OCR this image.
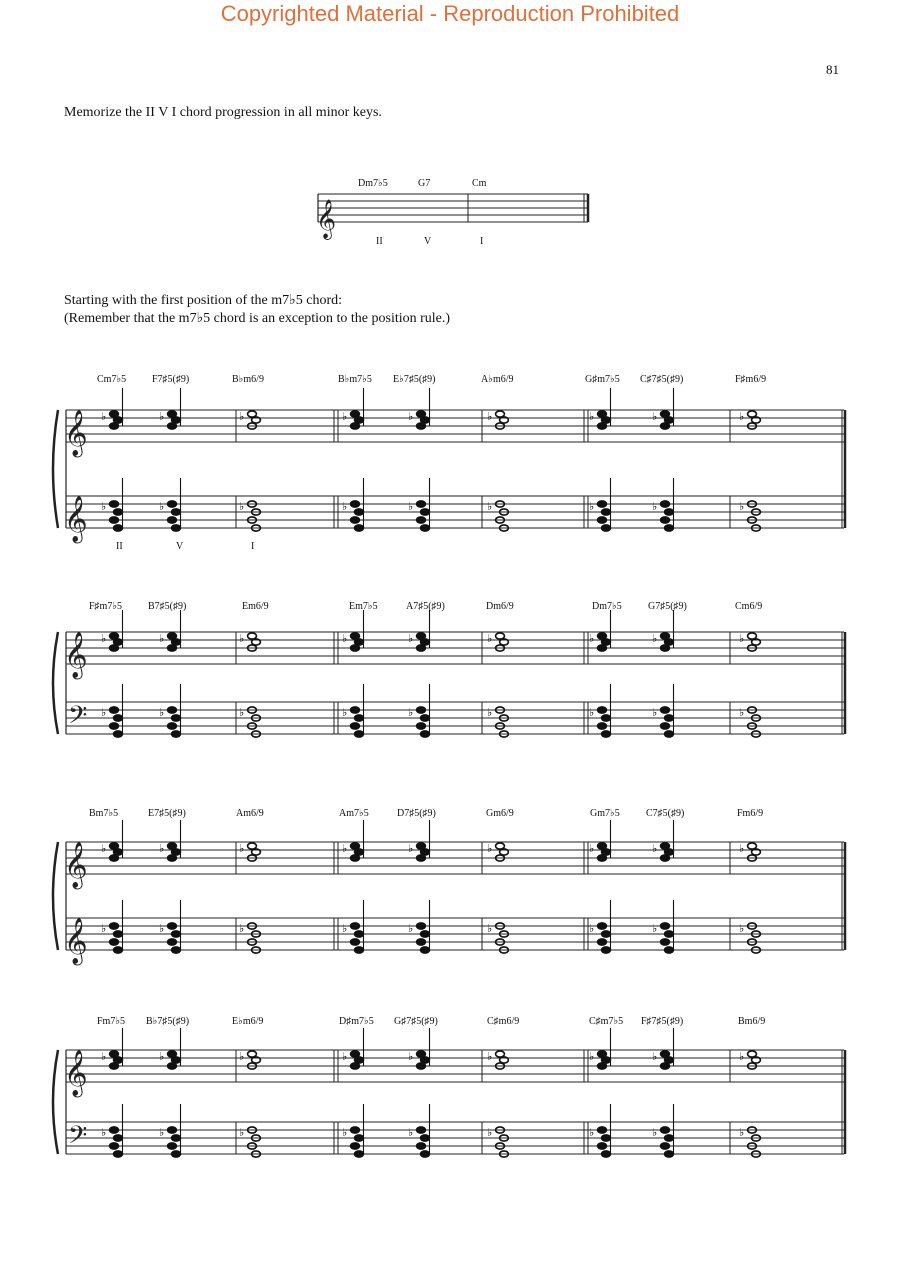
Copyrighted Material - Reproduction Prohibited
81
Memorize the II V I chord progression in all minor keys.
Dm7♭5	G7	Cm
II	V	I
Starting with the first position of the m7♭5 chord:
(Remember that the m7♭5 chord is an exception to the position rule.)
Cm7♭5	F7♯5(♯9)	B♭m6/9	B♭m7♭5 E♭7♯5(♯9)	A♭m6/9	G♯m7♭5 C♯7♯5(♯9)	F♯m6/9
II	V	I
F♯m7♭5	B7♯5(♯9)	Em6/9	Em7♭5	A7♯5(♯9)	Dm6/9	Dm7♭5	G7♯5(♯9)	Cm6/9
Bm7♭5	E7♯5(♯9)	Am6/9	Am7♭5	D7♯5(♯9)	Gm6/9	Gm7♭5	C7♯5(♯9)	Fm6/9
Fm7♭5 B♭7♯5(♯9)	E♭m6/9	D♯m7♭5 G♯7♯5(♯9)	C♯m6/9	C♯m7♭5 F♯7♯5(♯9)	Bm6/9
𝄞
𝄞
𝄞
♭
♭
♭
♭
♭
♭
♭
♭
♭
♭
♭
♭
♭
♭
♭
♭
♭
♭
𝄞
𝄢
♭
♭
♭
♭
♭
♭
♭
♭
♭
♭
♭
♭
♭
♭
♭
♭
♭
♭
𝄞
𝄞
♭
♭
♭
♭
♭
♭
♭
♭
♭
♭
♭
♭
♭
♭
♭
♭
♭
♭
𝄞
𝄢
♭
♭
♭
♭
♭
♭
♭
♭
♭
♭
♭
♭
♭
♭
♭
♭
♭
♭
